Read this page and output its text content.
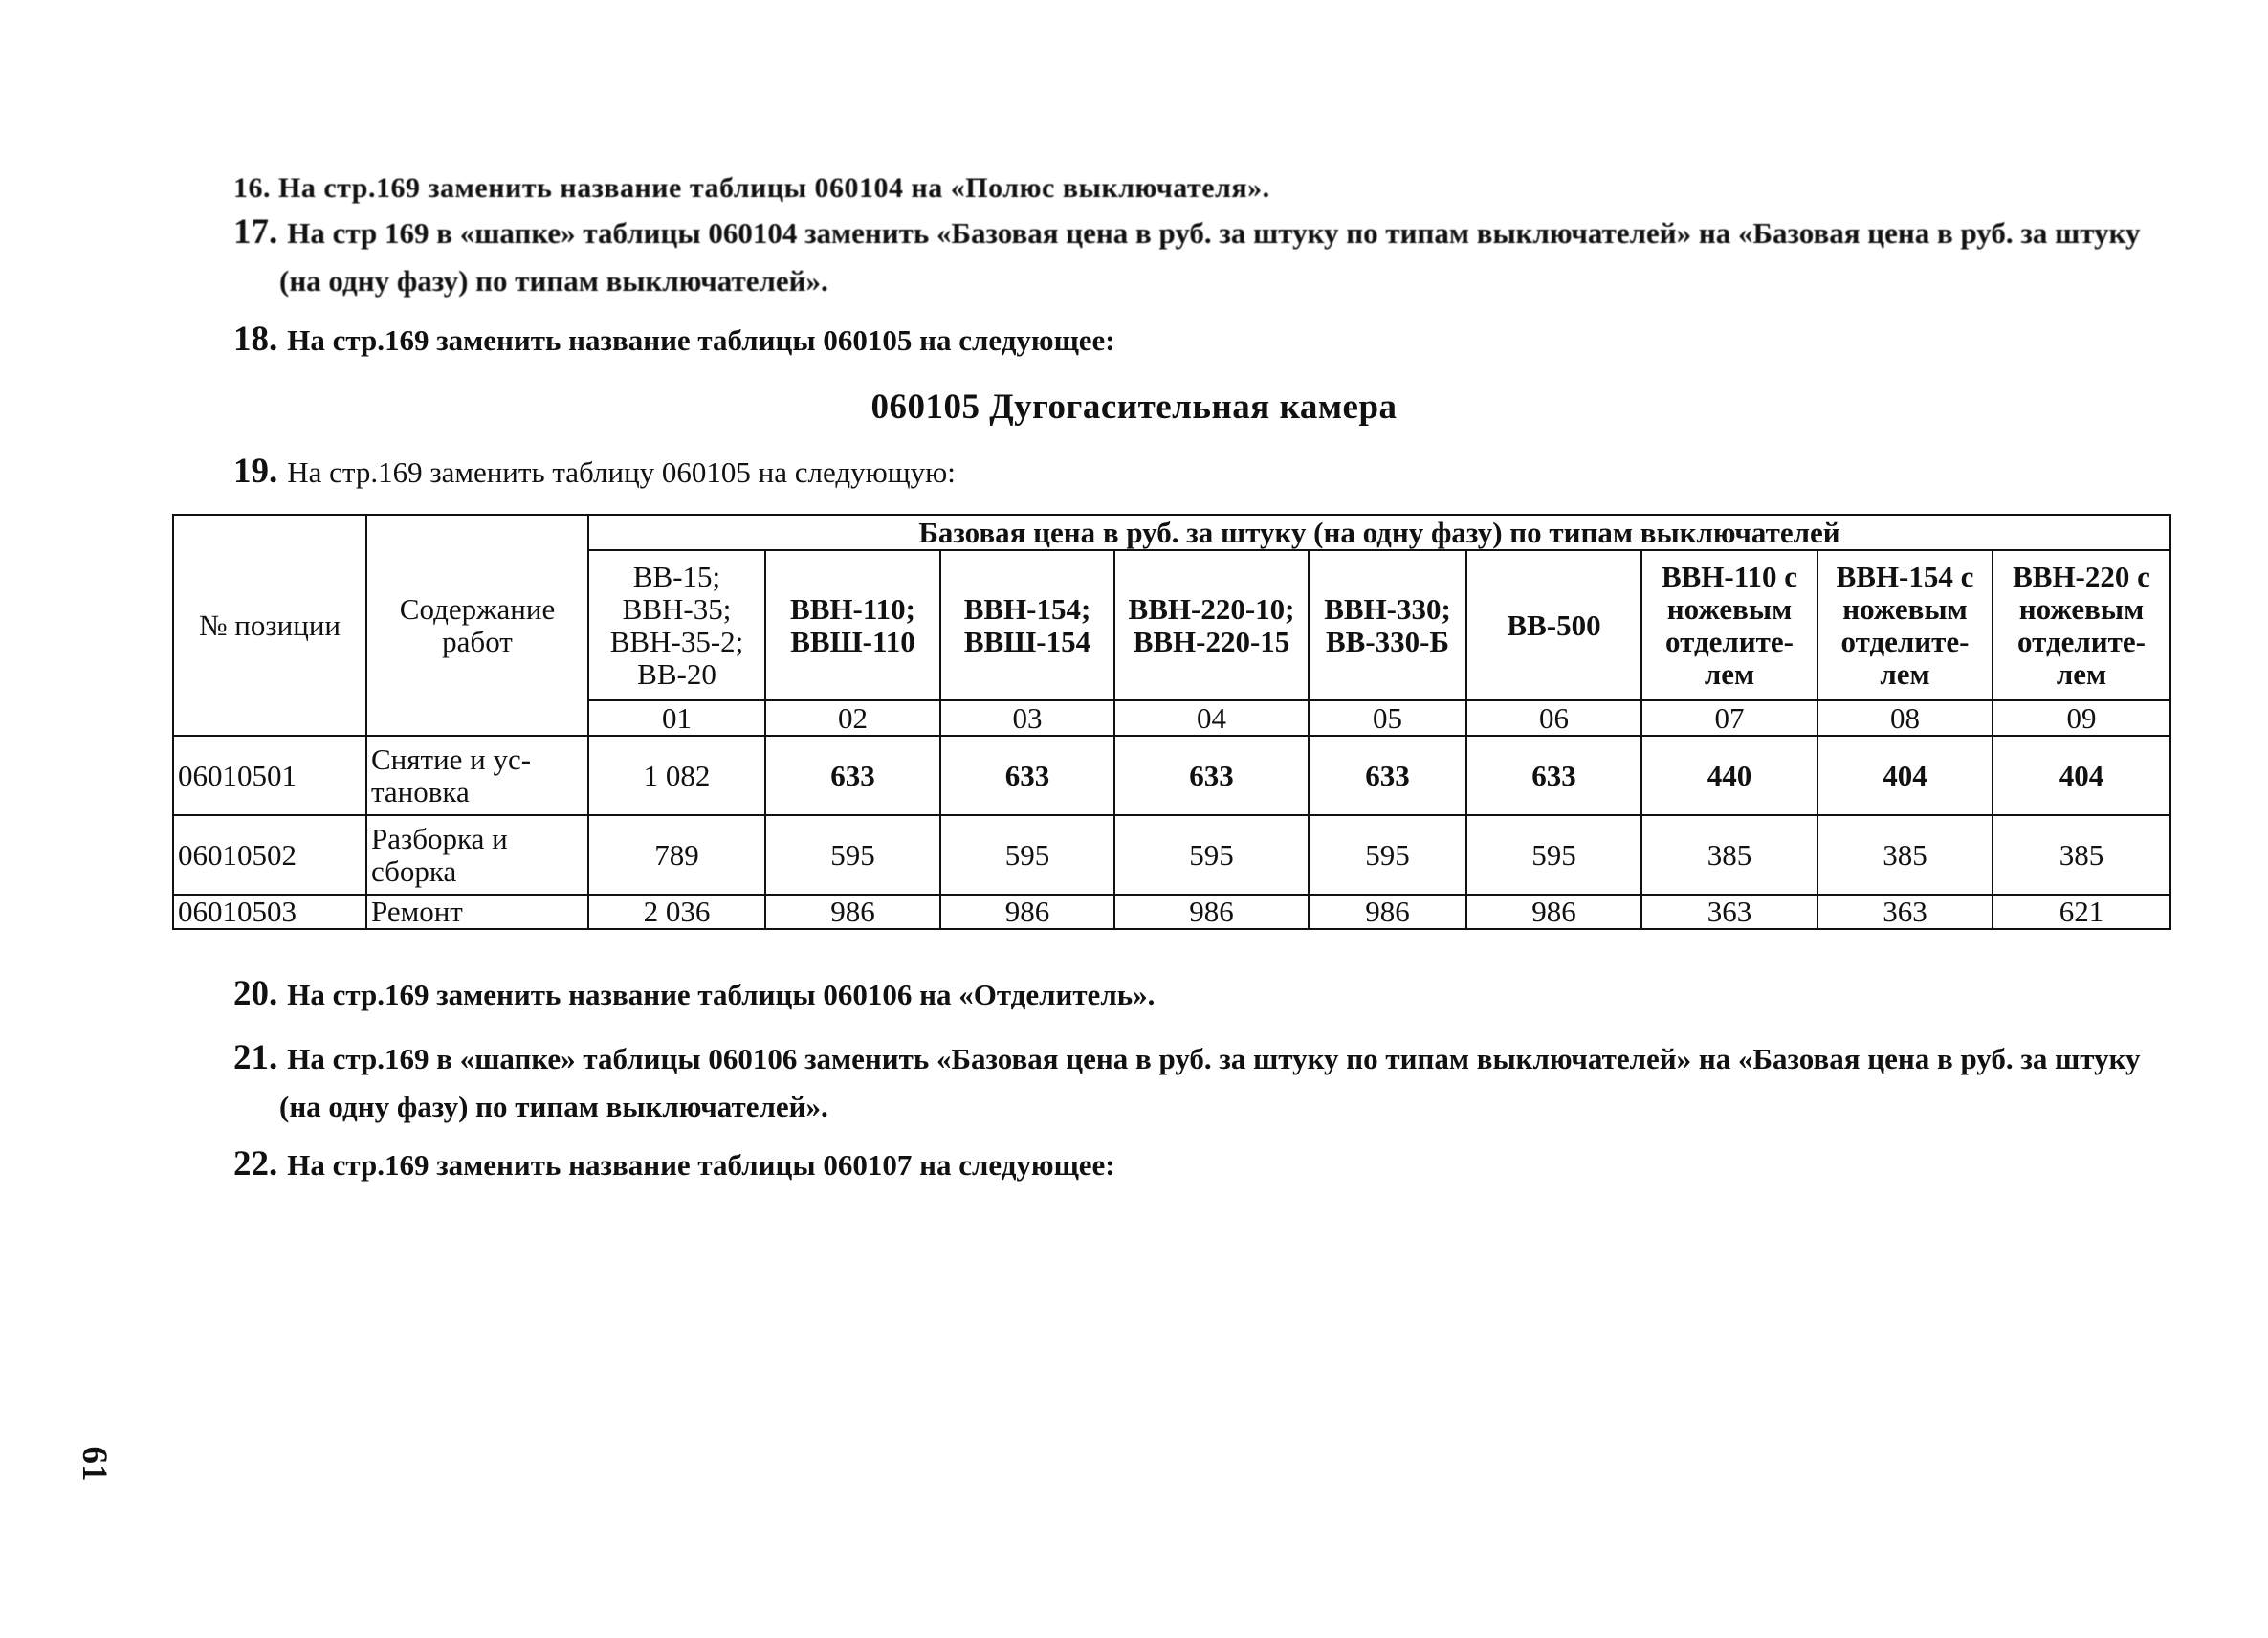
16. На стр.169 заменить название таблицы 060104 на «Полюс выключателя».
17. На стр 169 в «шапке» таблицы 060104 заменить «Базовая цена в руб. за штуку по типам выключателей» на «Базовая цена в руб. за штуку (на одну фазу) по типам выключателей».
18. На стр.169 заменить название таблицы 060105 на следующее:
060105 Дугогасительная камера
19. На стр.169 заменить таблицу 060105 на следующую:
№ позиции	Содержание работ	Базовая цена в руб. за штуку (на одну фазу) по типам выключателей								
		ВВ-15; ВВН-35; ВВН-35-2; ВВ-20	ВВН-110; ВВШ-110	ВВН-154; ВВШ-154	ВВН-220-10; ВВН-220-15	ВВН-330; ВВ-330-Б	ВВ-500	ВВН-110 с ножевым отделите-лем	ВВН-154 с ножевым отделите-лем	ВВН-220 с ножевым отделите-лем
		01	02	03	04	05	06	07	08	09
06010501	Снятие и ус-тановка	1 082	633	633	633	633	633	440	404	404
06010502	Разборка и сборка	789	595	595	595	595	595	385	385	385
06010503	Ремонт	2 036	986	986	986	986	986	363	363	621
20. На стр.169 заменить название таблицы 060106 на «Отделитель».
21. На стр.169 в «шапке» таблицы 060106 заменить «Базовая цена в руб. за штуку по типам выключателей» на «Базовая цена в руб. за штуку (на одну фазу) по типам выключателей».
22. На стр.169 заменить название таблицы 060107 на следующее:
61
